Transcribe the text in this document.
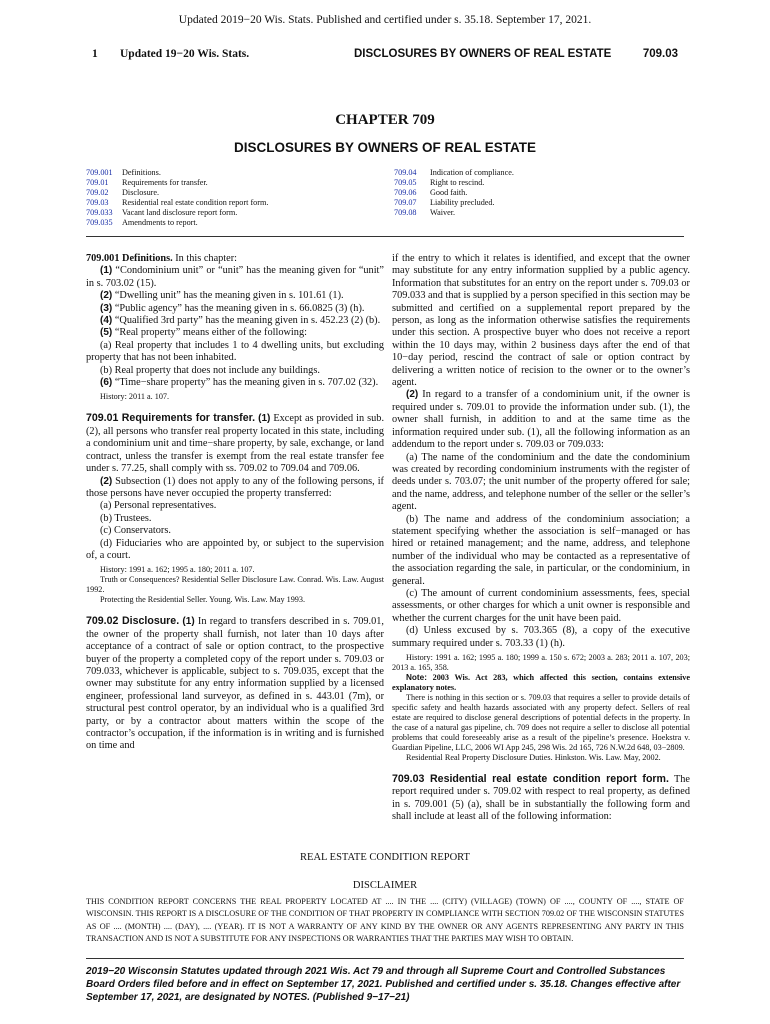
Updated 2019−20 Wis. Stats. Published and certified under s. 35.18. September 17, 2021.
1 Updated 19−20 Wis. Stats.	DISCLOSURES BY OWNERS OF REAL ESTATE	709.03
CHAPTER 709
DISCLOSURES BY OWNERS OF REAL ESTATE
709.001 Definitions.
709.01 Requirements for transfer.
709.02 Disclosure.
709.03 Residential real estate condition report form.
709.033 Vacant land disclosure report form.
709.035 Amendments to report.
709.04 Indication of compliance.
709.05 Right to rescind.
709.06 Good faith.
709.07 Liability precluded.
709.08 Waiver.

709.001 Definitions. In this chapter:

(1) “Condominium unit” or “unit” has the meaning given for “unit” in s. 703.02 (15).

(2) “Dwelling unit” has the meaning given in s. 101.61 (1).

(3) “Public agency” has the meaning given in s. 66.0825 (3) (h).

(4) “Qualified 3rd party” has the meaning given in s. 452.23 (2) (b).

(5) “Real property” means either of the following:

(a) Real property that includes 1 to 4 dwelling units, but excluding property that has not been inhabited.

(b) Real property that does not include any buildings.

(6) “Time−share property” has the meaning given in s. 707.02 (32).

History: 2011 a. 107.

709.01 Requirements for transfer. (1) Except as provided in sub. (2), all persons who transfer real property located in this state, including a condominium unit and time−share property, by sale, exchange, or land contract, unless the transfer is exempt from the real estate transfer fee under s. 77.25, shall comply with ss. 709.02 to 709.04 and 709.06.

(2) Subsection (1) does not apply to any of the following persons, if those persons have never occupied the property transferred:

(a) Personal representatives.

(b) Trustees.

(c) Conservators.

(d) Fiduciaries who are appointed by, or subject to the supervision of, a court.

History: 1991 a. 162; 1995 a. 180; 2011 a. 107.

Truth or Consequences? Residential Seller Disclosure Law. Conrad. Wis. Law. August 1992.

Protecting the Residential Seller. Young. Wis. Law. May 1993.

709.02 Disclosure. (1) In regard to transfers described in s. 709.01, the owner of the property shall furnish, not later than 10 days after acceptance of a contract of sale or option contract, to the prospective buyer of the property a completed copy of the report under s. 709.03 or 709.033, whichever is applicable, subject to s. 709.035, except that the owner may substitute for any entry information supplied by a licensed engineer, professional land surveyor, as defined in s. 443.01 (7m), or structural pest control operator, by an individual who is a qualified 3rd party, or by a contractor about matters within the scope of the contractor’s occupation, if the information is in writing and is furnished on time and

if the entry to which it relates is identified, and except that the owner may substitute for any entry information supplied by a public agency. Information that substitutes for an entry on the report under s. 709.03 or 709.033 and that is supplied by a person specified in this section may be submitted and certified on a supplemental report prepared by the person, as long as the information otherwise satisfies the requirements under this section. A prospective buyer who does not receive a report within the 10 days may, within 2 business days after the end of that 10−day period, rescind the contract of sale or option contract by delivering a written notice of recision to the owner or to the owner’s agent.

(2) In regard to a transfer of a condominium unit, if the owner is required under s. 709.01 to provide the information under sub. (1), the owner shall furnish, in addition to and at the same time as the information required under sub. (1), all the following information as an addendum to the report under s. 709.03 or 709.033:

(a) The name of the condominium and the date the condominium was created by recording condominium instruments with the register of deeds under s. 703.07; the unit number of the property offered for sale; and the name, address, and telephone number of the seller or the seller’s agent.

(b) The name and address of the condominium association; a statement specifying whether the association is self−managed or has hired or retained management; and the name, address, and telephone number of the individual who may be contacted as a representative of the association regarding the sale, in particular, or the condominium, in general.

(c) The amount of current condominium assessments, fees, special assessments, or other charges for which a unit owner is responsible and whether the current charges for the unit have been paid.

(d) Unless excused by s. 703.365 (8), a copy of the executive summary required under s. 703.33 (1) (h).

History: 1991 a. 162; 1995 a. 180; 1999 a. 150 s. 672; 2003 a. 283; 2011 a. 107, 203; 2013 a. 165, 358.

Note: 2003 Wis. Act 283, which affected this section, contains extensive explanatory notes.

There is nothing in this section or s. 709.03 that requires a seller to provide details of specific safety and health hazards associated with any property defect. Sellers of real estate are required to disclose general descriptions of potential defects in the property. In the case of a natural gas pipeline, ch. 709 does not require a seller to disclose all potential problems that could foreseeably arise as a result of the pipeline’s presence. Hoekstra v. Guardian Pipeline, LLC, 2006 WI App 245, 298 Wis. 2d 165, 726 N.W.2d 648, 03−2809.

Residential Real Property Disclosure Duties. Hinkston. Wis. Law. May, 2002.

709.03 Residential real estate condition report form. The report required under s. 709.02 with respect to real property, as defined in s. 709.001 (5) (a), shall be in substantially the following form and shall include at least all of the following information:

REAL ESTATE CONDITION REPORT
DISCLAIMER
THIS CONDITION REPORT CONCERNS THE REAL PROPERTY LOCATED AT .... IN THE .... (CITY) (VILLAGE) (TOWN) OF ...., COUNTY OF ...., STATE OF WISCONSIN. THIS REPORT IS A DISCLOSURE OF THE CONDITION OF THAT PROPERTY IN COMPLIANCE WITH SECTION 709.02 OF THE WISCONSIN STATUTES AS OF .... (MONTH) .... (DAY), .... (YEAR). IT IS NOT A WARRANTY OF ANY KIND BY THE OWNER OR ANY AGENTS REPRESENTING ANY PARTY IN THIS TRANSACTION AND IS NOT A SUBSTITUTE FOR ANY INSPECTIONS OR WARRANTIES THAT THE PARTIES MAY WISH TO OBTAIN.
2019−20 Wisconsin Statutes updated through 2021 Wis. Act 79 and through all Supreme Court and Controlled Substances Board Orders filed before and in effect on September 17, 2021. Published and certified under s. 35.18. Changes effective after September 17, 2021, are designated by NOTES. (Published 9−17−21)
